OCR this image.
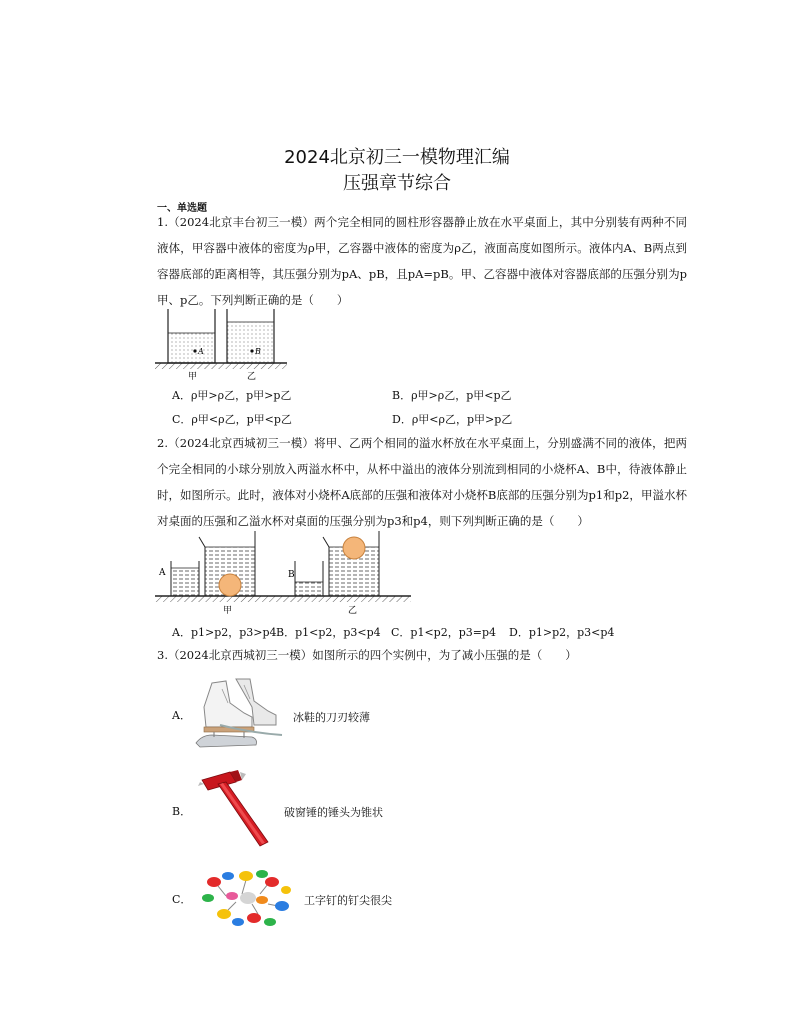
2024北京初三一模物理汇编
压强章节综合
一、单选题
1.（2024北京丰台初三一模）两个完全相同的圆柱形容器静止放在水平桌面上，其中分别装有两种不同液体，甲容器中液体的密度为ρ甲，乙容器中液体的密度为ρ乙，液面高度如图所示。液体内A、B两点到容器底部的距离相等，其压强分别为pA、pB，且pA=pB。甲、乙容器中液体对容器底部的压强分别为p甲、p乙。下列判断正确的是（　　）
A	B
甲	乙
A．ρ甲>ρ乙，p甲>p乙	B．ρ甲>ρ乙，p甲<p乙
C．ρ甲<ρ乙，p甲<p乙	D．ρ甲<ρ乙，p甲>p乙
2.（2024北京西城初三一模）将甲、乙两个相同的溢水杯放在水平桌面上，分别盛满不同的液体，把两个完全相同的小球分别放入两溢水杯中，从杯中溢出的液体分别流到相同的小烧杯A、B中，待液体静止时，如图所示。此时，液体对小烧杯A底部的压强和液体对小烧杯B底部的压强分别为p1和p2，甲溢水杯对桌面的压强和乙溢水杯对桌面的压强分别为p3和p4，则下列判断正确的是（　　）
A
甲
B
乙
A．p1>p2，p3>p4 B．p1<p2，p3<p4 C．p1<p2，p3=p4 D．p1>p2，p3<p4
3.（2024北京西城初三一模）如图所示的四个实例中，为了减小压强的是（　　）
A．	冰鞋的刀刃较薄
B．	破窗锤的锤头为锥状
C．	工字钉的钉尖很尖
